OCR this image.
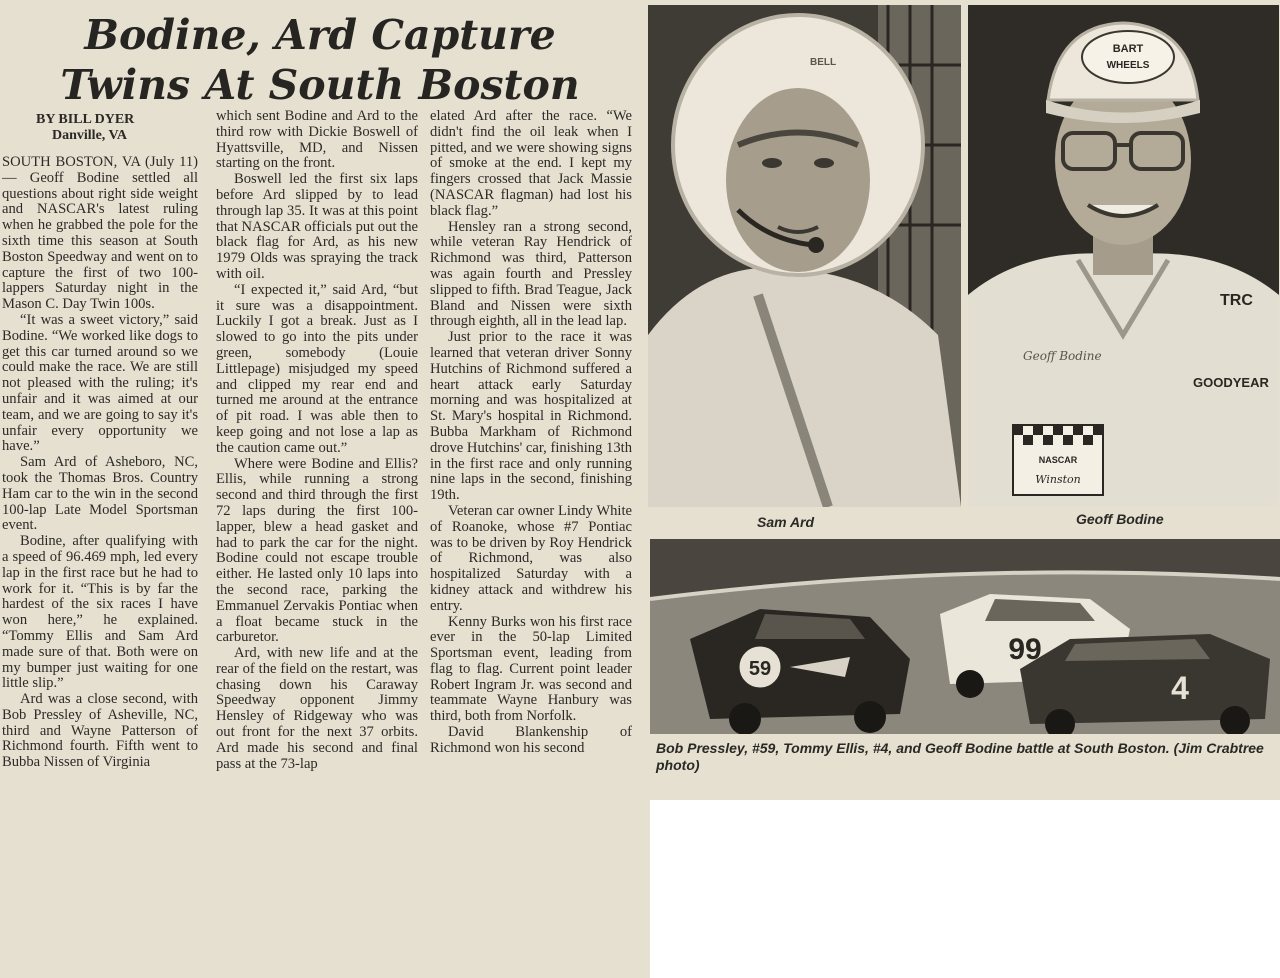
Bodine, Ard Capture
Twins At South Boston
BY BILL DYER
Danville, VA

SOUTH BOSTON, VA (July 11) — Geoff Bodine settled all questions about right side weight and NASCAR's latest ruling when he grabbed the pole for the sixth time this season at South Boston Speedway and went on to capture the first of two 100-lappers Saturday night in the Mason C. Day Twin 100s.

“It was a sweet victory,” said Bodine. “We worked like dogs to get this car turned around so we could make the race. We are still not pleased with the ruling; it's unfair and it was aimed at our team, and we are going to say it's unfair every opportunity we have.”

Sam Ard of Asheboro, NC, took the Thomas Bros. Country Ham car to the win in the second 100-lap Late Model Sportsman event.

Bodine, after qualifying with a speed of 96.469 mph, led every lap in the first race but he had to work for it. “This is by far the hardest of the six races I have won here,” he explained. “Tommy Ellis and Sam Ard made sure of that. Both were on my bumper just waiting for one little slip.”

Ard was a close second, with Bob Pressley of Asheville, NC, third and Wayne Patterson of Richmond fourth. Fifth went to Bubba Nissen of Virginia

which sent Bodine and Ard to the third row with Dickie Boswell of Hyattsville, MD, and Nissen starting on the front.

Boswell led the first six laps before Ard slipped by to lead through lap 35. It was at this point that NASCAR officials put out the black flag for Ard, as his new 1979 Olds was spraying the track with oil.

“I expected it,” said Ard, “but it sure was a disappointment. Luckily I got a break. Just as I slowed to go into the pits under green, somebody (Louie Littlepage) misjudged my speed and clipped my rear end and turned me around at the entrance of pit road. I was able then to keep going and not lose a lap as the caution came out.”

Where were Bodine and Ellis? Ellis, while running a strong second and third through the first 72 laps during the first 100-lapper, blew a head gasket and had to park the car for the night. Bodine could not escape trouble either. He lasted only 10 laps into the second race, parking the Emmanuel Zervakis Pontiac when a float became stuck in the carburetor.

Ard, with new life and at the rear of the field on the restart, was chasing down his Caraway Speedway opponent Jimmy Hensley of Ridgeway who was out front for the next 37 orbits. Ard made his second and final pass at the 73-lap

elated Ard after the race. “We didn't find the oil leak when I pitted, and we were showing signs of smoke at the end. I kept my fingers crossed that Jack Massie (NASCAR flagman) had lost his black flag.”

Hensley ran a strong second, while veteran Ray Hendrick of Richmond was third, Patterson was again fourth and Pressley slipped to fifth. Brad Teague, Jack Bland and Nissen were sixth through eighth, all in the lead lap.

Just prior to the race it was learned that veteran driver Sonny Hutchins of Richmond suffered a heart attack early Saturday morning and was hospitalized at St. Mary's hospital in Richmond. Bubba Markham of Richmond drove Hutchins' car, finishing 13th in the first race and only running nine laps in the second, finishing 19th.

Veteran car owner Lindy White of Roanoke, whose #7 Pontiac was to be driven by Roy Hendrick of Richmond, was also hospitalized Saturday with a kidney attack and withdrew his entry.

Kenny Burks won his first race ever in the 50-lap Limited Sportsman event, leading from flag to flag. Current point leader Robert Ingram Jr. was second and teammate Wayne Hanbury was third, both from Norfolk.

David Blankenship of Richmond won his second

BELL
BART
WHEELS
Geoff Bodine
GOODYEAR
TRC
NASCAR
Winston
Sam Ard	Geoff Bodine
59
99
4
Bob Pressley, #59, Tommy Ellis, #4, and Geoff Bodine battle at South Boston. (Jim Crabtree photo)
